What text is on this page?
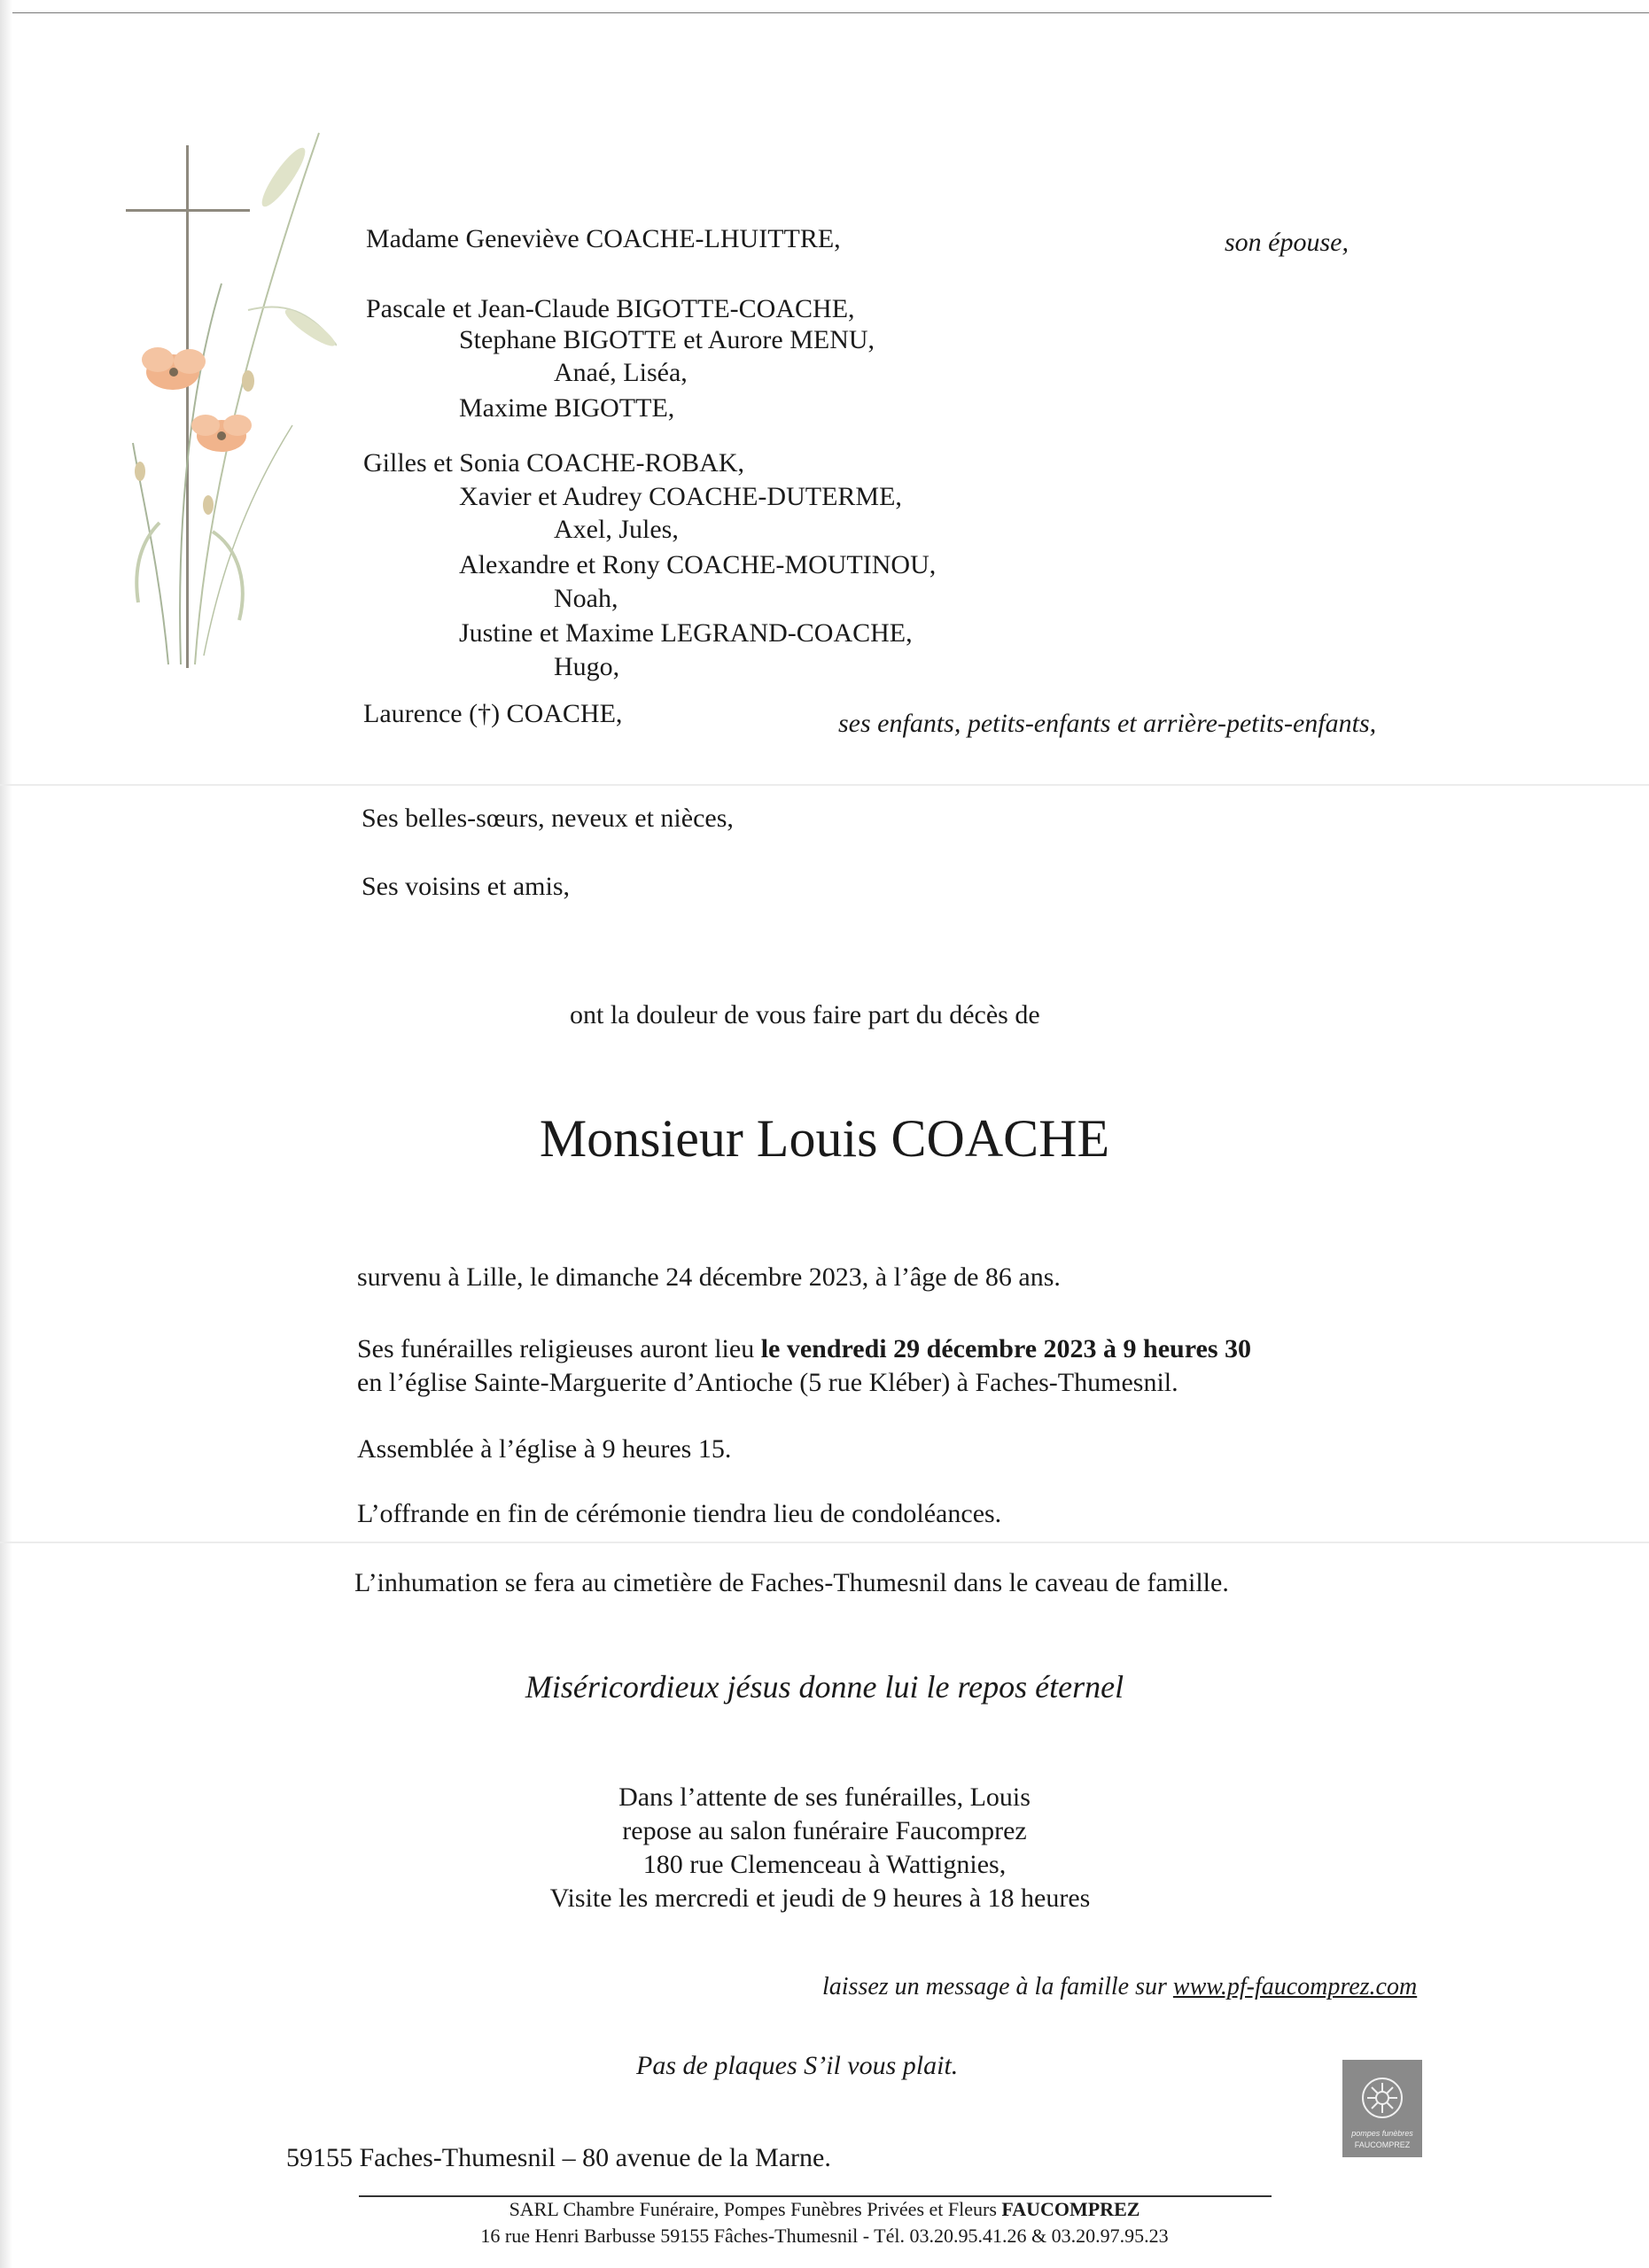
Madame Geneviève COACHE-LHUITTRE,	son épouse,
Pascale et Jean-Claude BIGOTTE-COACHE,
Stephane BIGOTTE et Aurore MENU,
Anaé, Liséa,
Maxime BIGOTTE,
Gilles et Sonia COACHE-ROBAK,
Xavier et Audrey COACHE-DUTERME,
Axel, Jules,
Alexandre et Rony COACHE-MOUTINOU,
Noah,
Justine et Maxime LEGRAND-COACHE,
Hugo,
Laurence (†) COACHE,	ses enfants, petits-enfants et arrière-petits-enfants,
Ses belles-sœurs, neveux et nièces,
Ses voisins et amis,
ont la douleur de vous faire part du décès de
Monsieur Louis COACHE
survenu à Lille, le dimanche 24 décembre 2023, à l’âge de 86 ans.
Ses funérailles religieuses auront lieu le vendredi 29 décembre 2023 à 9 heures 30
en l’église Sainte-Marguerite d’Antioche (5 rue Kléber) à Faches-Thumesnil.
Assemblée à l’église à 9 heures 15.
L’offrande en fin de cérémonie tiendra lieu de condoléances.
L’inhumation se fera au cimetière de Faches-Thumesnil dans le caveau de famille.
Miséricordieux jésus donne lui le repos éternel
Dans l’attente de ses funérailles, Louis
repose au salon funéraire Faucomprez
180 rue Clemenceau à Wattignies,
Visite les mercredi et jeudi de 9 heures à 18 heures
laissez un message à la famille sur www.pf-faucomprez.com
Pas de plaques S’il vous plait.
pompes funèbres
FAUCOMPREZ
59155 Faches-Thumesnil – 80 avenue de la Marne.
SARL Chambre Funéraire, Pompes Funèbres Privées et Fleurs FAUCOMPREZ
16 rue Henri Barbusse 59155 Fâches-Thumesnil - Tél. 03.20.95.41.26 & 03.20.97.95.23
